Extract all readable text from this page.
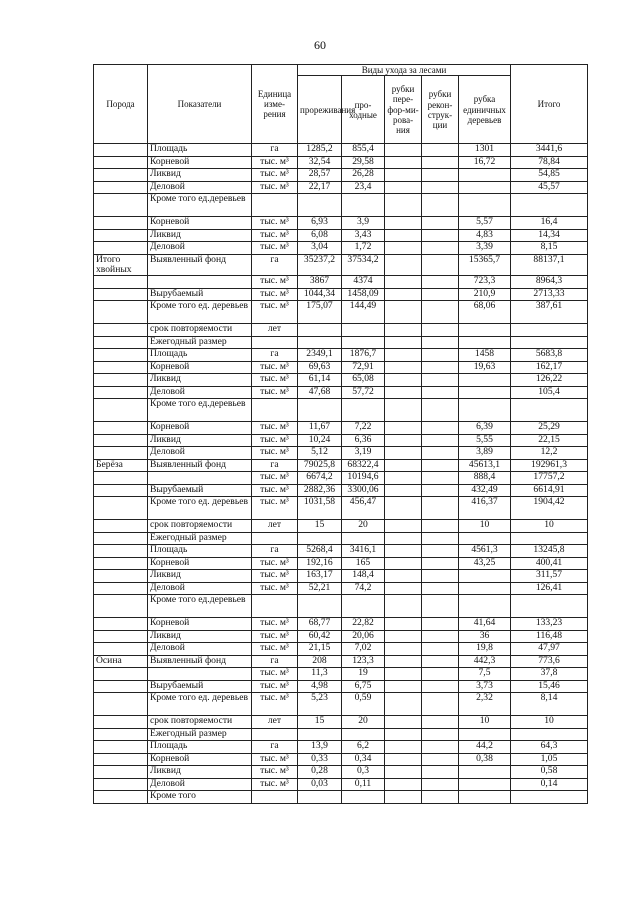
60
Порода	Показатели	Единица изме-рения	Виды ухода за лесами					Итого
			прореживания	про-ходные	рубки пере-фор-ми-рова-ния	рубки рекон-струк-ции	рубка единичных деревьев	
	Площадь	га	1285,2	855,4			1301	3441,6
	Корневой	тыс. м³	32,54	29,58			16,72	78,84
	Ликвид	тыс. м³	28,57	26,28				54,85
	Деловой	тыс. м³	22,17	23,4				45,57
	Кроме того ед.деревьев							
	Корневой	тыс. м³	6,93	3,9			5,57	16,4
	Ликвид	тыс. м³	6,08	3,43			4,83	14,34
	Деловой	тыс. м³	3,04	1,72			3,39	8,15
Итого хвойных	Выявленный фонд	га	35237,2	37534,2			15365,7	88137,1
		тыс. м³	3867	4374			723,3	8964,3
	Вырубаемый	тыс. м³	1044,34	1458,09			210,9	2713,33
	Кроме того ед. деревьев	тыс. м³	175,07	144,49			68,06	387,61
	срок повторяемости	лет						
	Ежегодный размер							
	Площадь	га	2349,1	1876,7			1458	5683,8
	Корневой	тыс. м³	69,63	72,91			19,63	162,17
	Ликвид	тыс. м³	61,14	65,08				126,22
	Деловой	тыс. м³	47,68	57,72				105,4
	Кроме того ед.деревьев							
	Корневой	тыс. м³	11,67	7,22			6,39	25,29
	Ликвид	тыс. м³	10,24	6,36			5,55	22,15
	Деловой	тыс. м³	5,12	3,19			3,89	12,2
Берёза	Выявленный фонд	га	79025,8	68322,4			45613,1	192961,3
		тыс. м³	6674,2	10194,6			888,4	17757,2
	Вырубаемый	тыс. м³	2882,36	3300,06			432,49	6614,91
	Кроме того ед. деревьев	тыс. м³	1031,58	456,47			416,37	1904,42
	срок повторяемости	лет	15	20			10	10
	Ежегодный размер							
	Площадь	га	5268,4	3416,1			4561,3	13245,8
	Корневой	тыс. м³	192,16	165			43,25	400,41
	Ликвид	тыс. м³	163,17	148,4				311,57
	Деловой	тыс. м³	52,21	74,2				126,41
	Кроме того ед.деревьев							
	Корневой	тыс. м³	68,77	22,82			41,64	133,23
	Ликвид	тыс. м³	60,42	20,06			36	116,48
	Деловой	тыс. м³	21,15	7,02			19,8	47,97
Осина	Выявленный фонд	га	208	123,3			442,3	773,6
		тыс. м³	11,3	19			7,5	37,8
	Вырубаемый	тыс. м³	4,98	6,75			3,73	15,46
	Кроме того ед. деревьев	тыс. м³	5,23	0,59			2,32	8,14
	срок повторяемости	лет	15	20			10	10
	Ежегодный размер							
	Площадь	га	13,9	6,2			44,2	64,3
	Корневой	тыс. м³	0,33	0,34			0,38	1,05
	Ликвид	тыс. м³	0,28	0,3				0,58
	Деловой	тыс. м³	0,03	0,11				0,14
	Кроме того							
